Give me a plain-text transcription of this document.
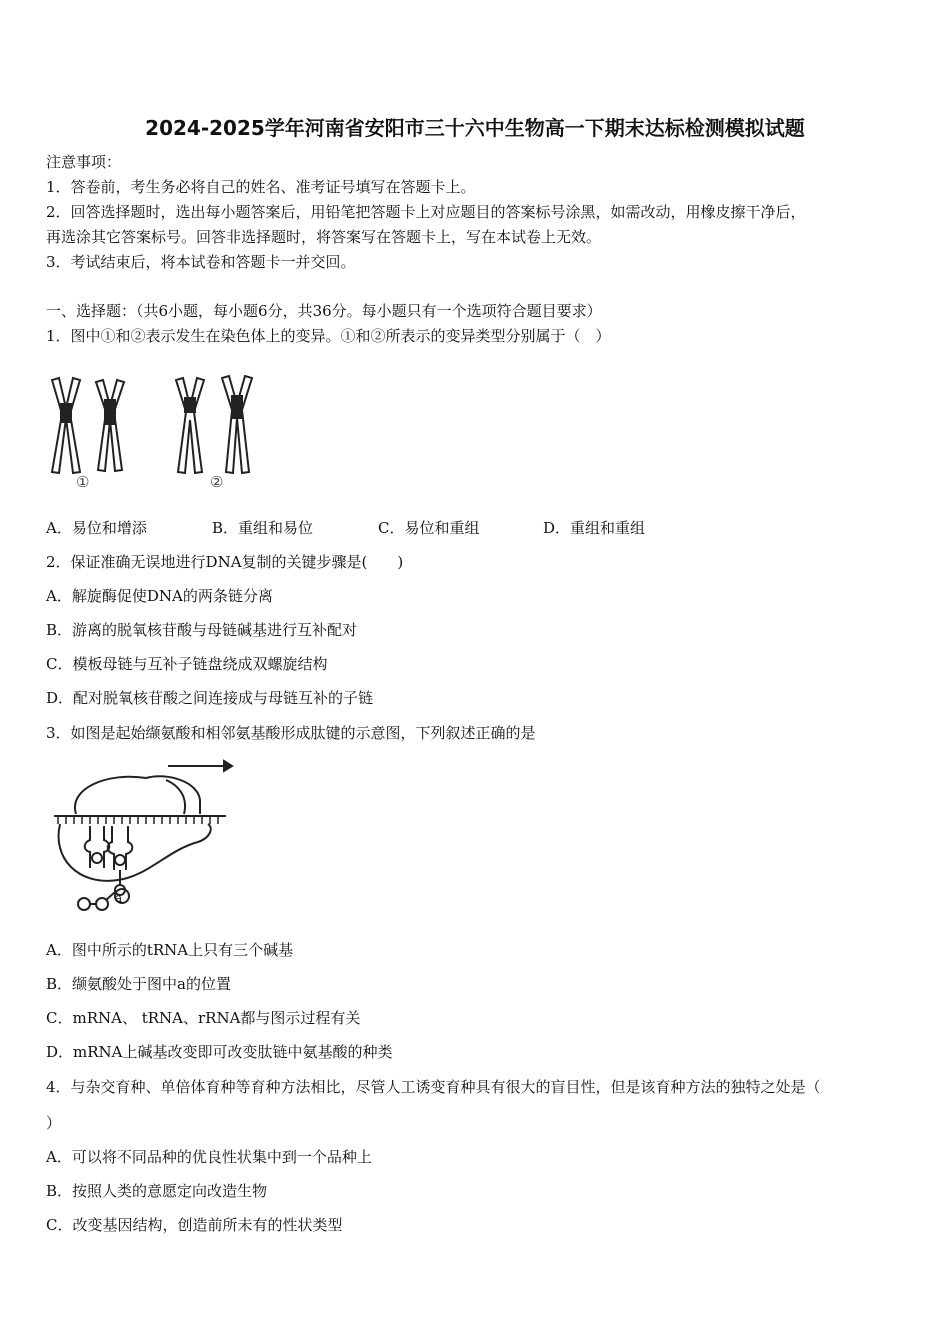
2024-2025学年河南省安阳市三十六中生物高一下期末达标检测模拟试题
注意事项：
1．答卷前，考生务必将自己的姓名、准考证号填写在答题卡上。
2．回答选择题时，选出每小题答案后，用铅笔把答题卡上对应题目的答案标号涂黑，如需改动，用橡皮擦干净后，
再选涂其它答案标号。回答非选择题时，将答案写在答题卡上，写在本试卷上无效。
3．考试结束后，将本试卷和答题卡一并交回。
一、选择题：（共6小题，每小题6分，共36分。每小题只有一个选项符合题目要求）
1．图中①和②表示发生在染色体上的变异。①和②所表示的变异类型分别属于（　）
①	②
A．易位和增添	B．重组和易位	C．易位和重组	D．重组和重组
2．保证准确无误地进行DNA复制的关键步骤是(　　)
A．解旋酶促使DNA的两条链分离
B．游离的脱氧核苷酸与母链碱基进行互补配对
C．模板母链与互补子链盘绕成双螺旋结构
D．配对脱氧核苷酸之间连接成与母链互补的子链
3．如图是起始缬氨酸和相邻氨基酸形成肽键的示意图，下列叙述正确的是
a
A．图中所示的tRNA上只有三个碱基
B．缬氨酸处于图中a的位置
C．mRNA、 tRNA、rRNA都与图示过程有关
D．mRNA上碱基改变即可改变肽链中氨基酸的种类
4．与杂交育种、单倍体育种等育种方法相比，尽管人工诱变育种具有很大的盲目性，但是该育种方法的独特之处是（
）
A．可以将不同品种的优良性状集中到一个品种上
B．按照人类的意愿定向改造生物
C．改变基因结构，创造前所未有的性状类型
